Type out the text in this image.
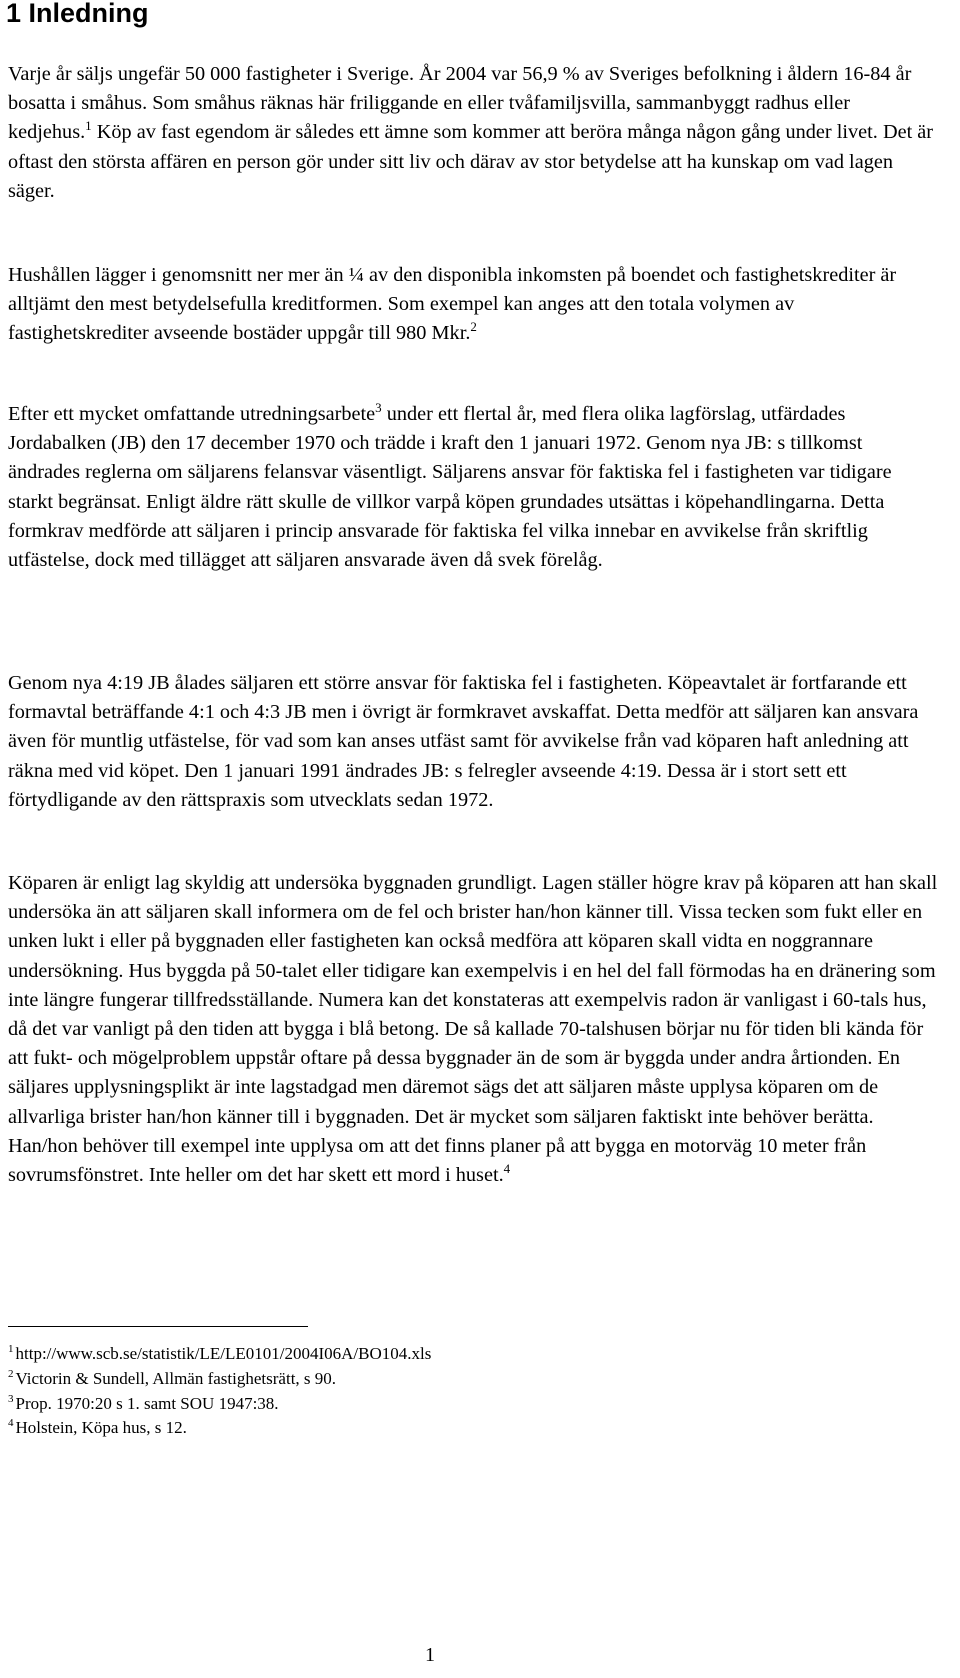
1 Inledning

Varje år säljs ungefär 50 000 fastigheter i Sverige. År 2004 var 56,9 % av Sveriges befolkning i åldern 16-84 år bosatta i småhus. Som småhus räknas här friliggande en eller tvåfamiljsvilla, sammanbyggt radhus eller kedjehus.$^1$ Köp av fast egendom är således ett ämne som kommer att beröra många någon gång under livet. Det är oftast den största affären en person gör under sitt liv och därav av stor betydelse att ha kunskap om vad lagen säger.

Hushållen lägger i genomsnitt ner mer än ¼ av den disponibla inkomsten på boendet och fastighetskrediter är alltjämt den mest betydelsefulla kreditformen. Som exempel kan anges att den totala volymen av fastighetskrediter avseende bostäder uppgår till 980 Mkr.$^2$

Efter ett mycket omfattande utredningsarbete$^3$ under ett flertal år, med flera olika lagförslag, utfärdades Jordabalken (JB) den 17 december 1970 och trädde i kraft den 1 januari 1972. Genom nya JB: s tillkomst ändrades reglerna om säljarens felansvar väsentligt. Säljarens ansvar för faktiska fel i fastigheten var tidigare starkt begränsat. Enligt äldre rätt skulle de villkor varpå köpen grundades utsättas i köpehandlingarna. Detta formkrav medförde att säljaren i princip ansvarade för faktiska fel vilka innebar en avvikelse från skriftlig utfästelse, dock med tillägget att säljaren ansvarade även då svek förelåg.

Genom nya 4:19 JB ålades säljaren ett större ansvar för faktiska fel i fastigheten. Köpeavtalet är fortfarande ett formavtal beträffande 4:1 och 4:3 JB men i övrigt är formkravet avskaffat. Detta medför att säljaren kan ansvara även för muntlig utfästelse, för vad som kan anses utfäst samt för avvikelse från vad köparen haft anledning att räkna med vid köpet. Den 1 januari 1991 ändrades JB: s felregler avseende 4:19. Dessa är i stort sett ett förtydligande av den rättspraxis som utvecklats sedan 1972.

Köparen är enligt lag skyldig att undersöka byggnaden grundligt. Lagen ställer högre krav på köparen att han skall undersöka än att säljaren skall informera om de fel och brister han/hon känner till. Vissa tecken som fukt eller en unken lukt i eller på byggnaden eller fastigheten kan också medföra att köparen skall vidta en noggrannare undersökning. Hus byggda på 50-talet eller tidigare kan exempelvis i en hel del fall förmodas ha en dränering som inte längre fungerar tillfredsställande. Numera kan det konstateras att exempelvis radon är vanligast i 60-tals hus, då det var vanligt på den tiden att bygga i blå betong. De så kallade 70-talshusen börjar nu för tiden bli kända för att fukt- och mögelproblem uppstår oftare på dessa byggnader än de som är byggda under andra årtionden. En säljares upplysningsplikt är inte lagstadgad men däremot sägs det att säljaren måste upplysa köparen om de allvarliga brister han/hon känner till i byggnaden. Det är mycket som säljaren faktiskt inte behöver berätta. Han/hon behöver till exempel inte upplysa om att det finns planer på att bygga en motorväg 10 meter från sovrumsfönstret. Inte heller om det har skett ett mord i huset.$^4$

$^1$ http://www.scb.se/statistik/LE/LE0101/2004I06A/BO104.xls
$^2$ Victorin & Sundell, Allmän fastighetsrätt, s 90.
$^3$ Prop. 1970:20 s 1. samt SOU 1947:38.
$^4$ Holstein, Köpa hus, s 12.
1
